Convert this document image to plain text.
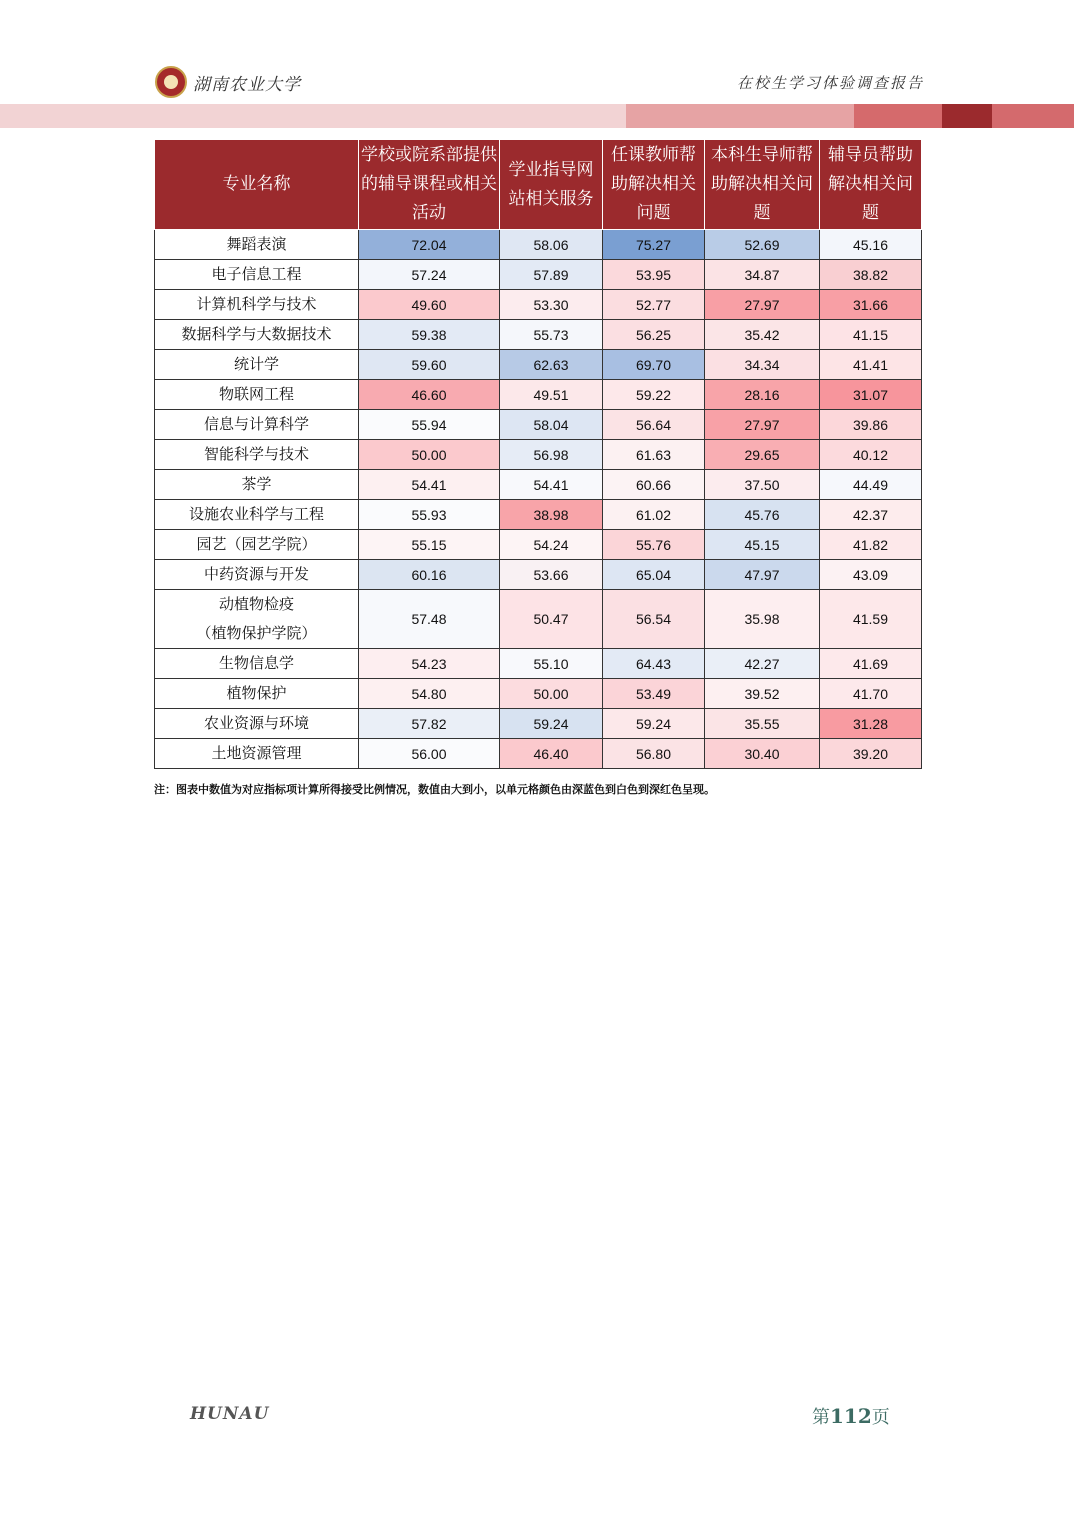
湖南农业大学	在校生学习体验调查报告
专业名称	学校或院系部提供的辅导课程或相关活动	学业指导网站相关服务	任课教师帮助解决相关问题	本科生导师帮助解决相关问题	辅导员帮助解决相关问题
舞蹈表演	72.04	58.06	75.27	52.69	45.16
电子信息工程	57.24	57.89	53.95	34.87	38.82
计算机科学与技术	49.60	53.30	52.77	27.97	31.66
数据科学与大数据技术	59.38	55.73	56.25	35.42	41.15
统计学	59.60	62.63	69.70	34.34	41.41
物联网工程	46.60	49.51	59.22	28.16	31.07
信息与计算科学	55.94	58.04	56.64	27.97	39.86
智能科学与技术	50.00	56.98	61.63	29.65	40.12
茶学	54.41	54.41	60.66	37.50	44.49
设施农业科学与工程	55.93	38.98	61.02	45.76	42.37
园艺（园艺学院）	55.15	54.24	55.76	45.15	41.82
中药资源与开发	60.16	53.66	65.04	47.97	43.09
动植物检疫
（植物保护学院）	57.48	50.47	56.54	35.98	41.59
生物信息学	54.23	55.10	64.43	42.27	41.69
植物保护	54.80	50.00	53.49	39.52	41.70
农业资源与环境	57.82	59.24	59.24	35.55	31.28
土地资源管理	56.00	46.40	56.80	30.40	39.20
注：图表中数值为对应指标项计算所得接受比例情况，数值由大到小，以单元格颜色由深蓝色到白色到深红色呈现。
HUNAU	第112页
